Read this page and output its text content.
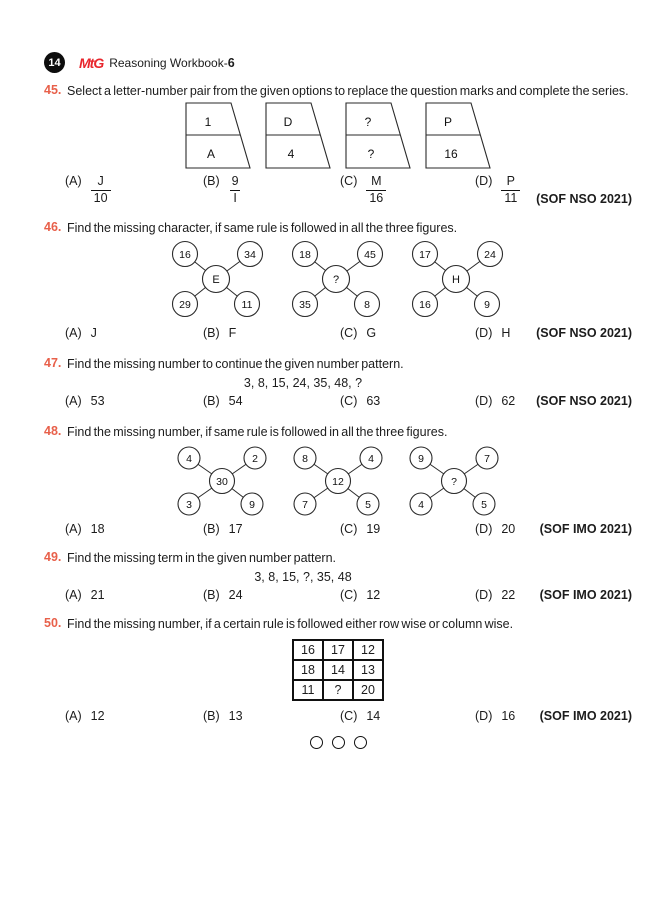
14	MtG Reasoning Workbook-6
45. Select a letter-number pair from the given options to replace the question marks and complete the series.
1
A
D
4
?
?
P
16
$(A) \frac{J}{10}$	$(B) \frac{9}{I}$	$(C) \frac{M}{16}$	$(D) \frac{P}{11} (SOF$ NSO 2021)
46. Find the missing character, if same rule is followed in all the three figures.
16	34
E
29	11
18	45
?
35	8
17	24
H
16	9
(A) J	(B) F	(C) G	(D) H (SOF NSO 2021)
47. Find the missing number to continue the given number pattern.
3, 8, 15, 24, 35, 48, ?
(A) 53	(B) 54	(C) 63	(D) 62 (SOF NSO 2021)
48. Find the missing number, if same rule is followed in all the three figures.
4	2
30
3	9
8	4
12
7	5
9	7
?
4	5
(A) 18	(B) 17	(C) 19	(D) 20 (SOF IMO 2021)
49. Find the missing term in the given number pattern.
3, 8, 15, ?, 35, 48
(A) 21	(B) 24	(C) 12	(D) 22 (SOF IMO 2021)
50. Find the missing number, if a certain rule is followed either row wise or column wise.
16	17	12
18	14	13
11	?	20
(A) 12	(B) 13	(C) 14	(D) 16 (SOF IMO 2021)
